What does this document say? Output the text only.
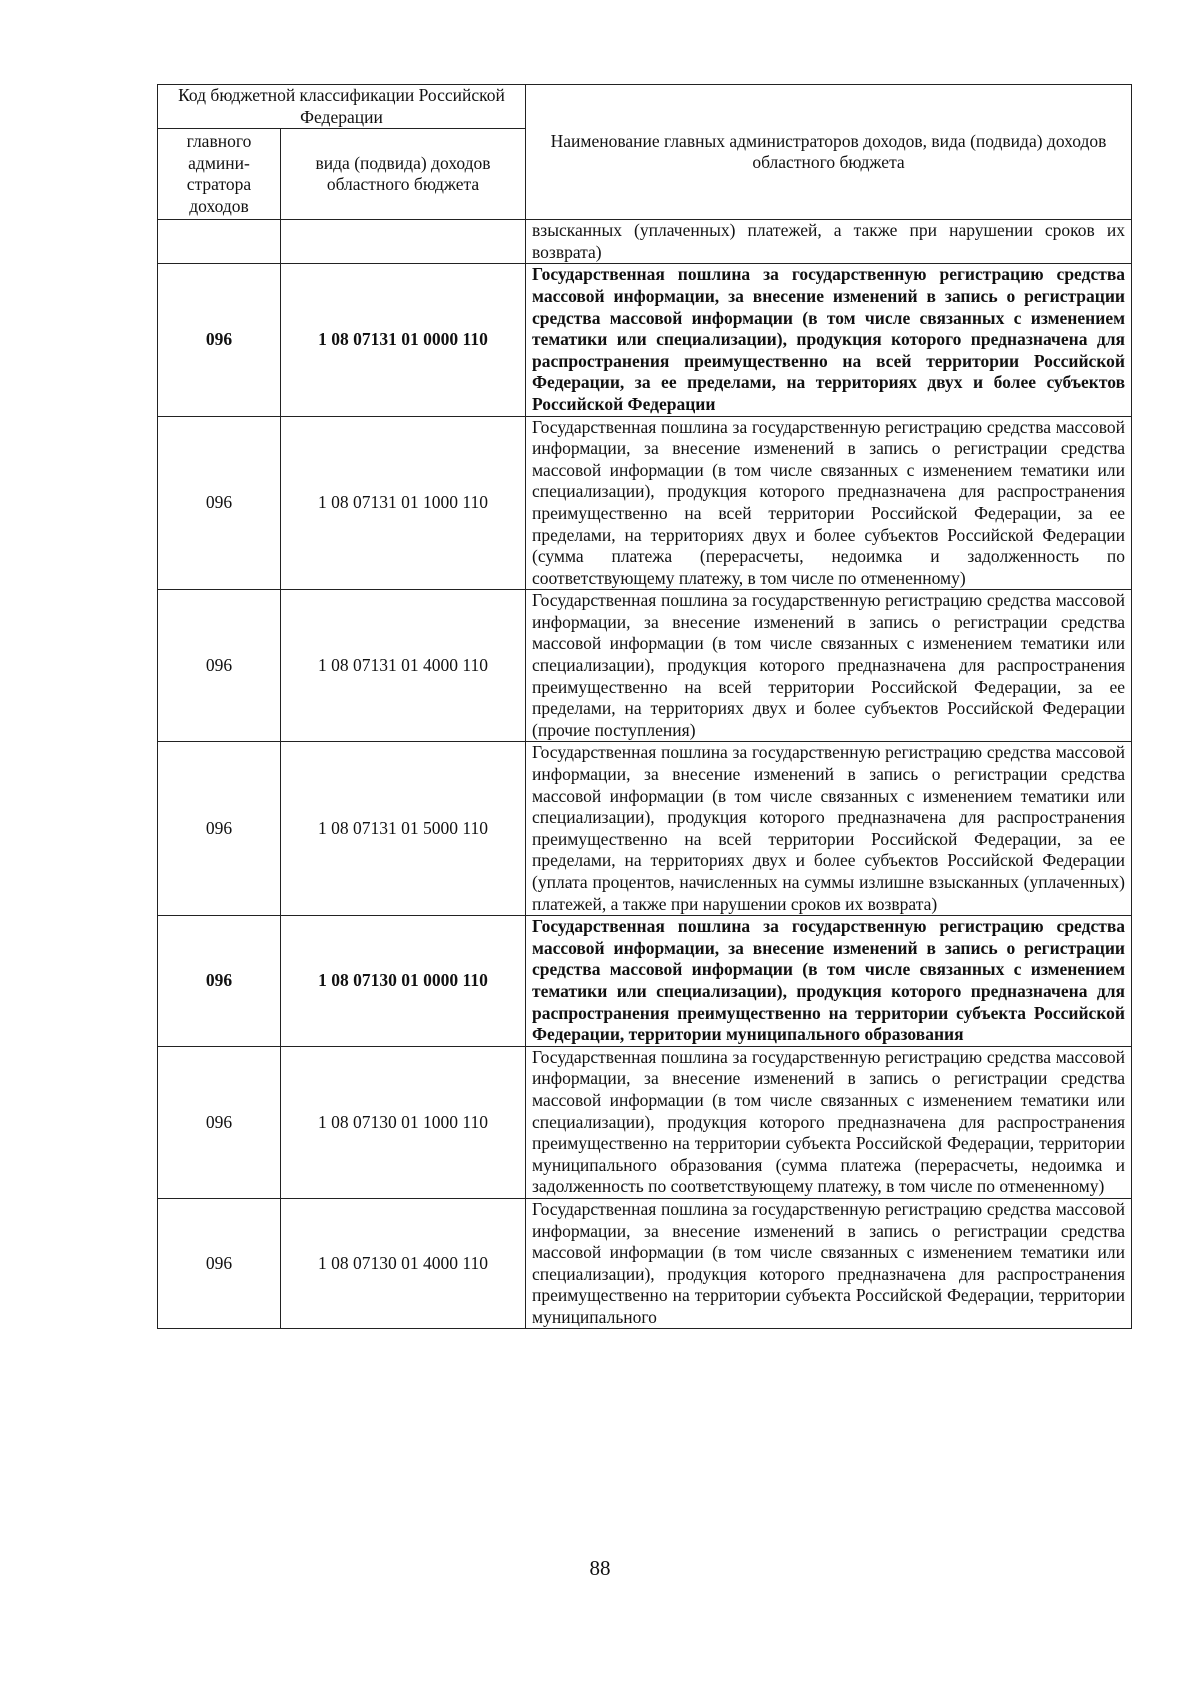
Код бюджетной классификации Российской Федерации		Наименование главных администраторов доходов, вида (подвида) доходов областного бюджета
главного админи-стратора доходов	вида (подвида) доходов областного бюджета	
		взысканных (уплаченных) платежей, а также при нарушении сроков их возврата)
096	1 08 07131 01 0000 110	Государственная пошлина за государственную регистрацию средства массовой информации, за внесение изменений в запись о регистрации средства массовой информации (в том числе связанных с изменением тематики или специализации), продукция которого предназначена для распространения преимущественно на всей территории Российской Федерации, за ее пределами, на территориях двух и более субъектов Российской Федерации
096	1 08 07131 01 1000 110	Государственная пошлина за государственную регистрацию средства массовой информации, за внесение изменений в запись о регистрации средства массовой информации (в том числе связанных с изменением тематики или специализации), продукция которого предназначена для распространения преимущественно на всей территории Российской Федерации, за ее пределами, на территориях двух и более субъектов Российской Федерации (сумма платежа (перерасчеты, недоимка и задолженность по соответствующему платежу, в том числе по отмененному)
096	1 08 07131 01 4000 110	Государственная пошлина за государственную регистрацию средства массовой информации, за внесение изменений в запись о регистрации средства массовой информации (в том числе связанных с изменением тематики или специализации), продукция которого предназначена для распространения преимущественно на всей территории Российской Федерации, за ее пределами, на территориях двух и более субъектов Российской Федерации (прочие поступления)
096	1 08 07131 01 5000 110	Государственная пошлина за государственную регистрацию средства массовой информации, за внесение изменений в запись о регистрации средства массовой информации (в том числе связанных с изменением тематики или специализации), продукция которого предназначена для распространения преимущественно на всей территории Российской Федерации, за ее пределами, на территориях двух и более субъектов Российской Федерации (уплата процентов, начисленных на суммы излишне взысканных (уплаченных) платежей, а также при нарушении сроков их возврата)
096	1 08 07130 01 0000 110	Государственная пошлина за государственную регистрацию средства массовой информации, за внесение изменений в запись о регистрации средства массовой информации (в том числе связанных с изменением тематики или специализации), продукция которого предназначена для распространения преимущественно на территории субъекта Российской Федерации, территории муниципального образования
096	1 08 07130 01 1000 110	Государственная пошлина за государственную регистрацию средства массовой информации, за внесение изменений в запись о регистрации средства массовой информации (в том числе связанных с изменением тематики или специализации), продукция которого предназначена для распространения преимущественно на территории субъекта Российской Федерации, территории муниципального образования (сумма платежа (перерасчеты, недоимка и задолженность по соответствующему платежу, в том числе по отмененному)
096	1 08 07130 01 4000 110	Государственная пошлина за государственную регистрацию средства массовой информации, за внесение изменений в запись о регистрации средства массовой информации (в том числе связанных с изменением тематики или специализации), продукция которого предназначена для распространения преимущественно на территории субъекта Российской Федерации, территории муниципального
88
